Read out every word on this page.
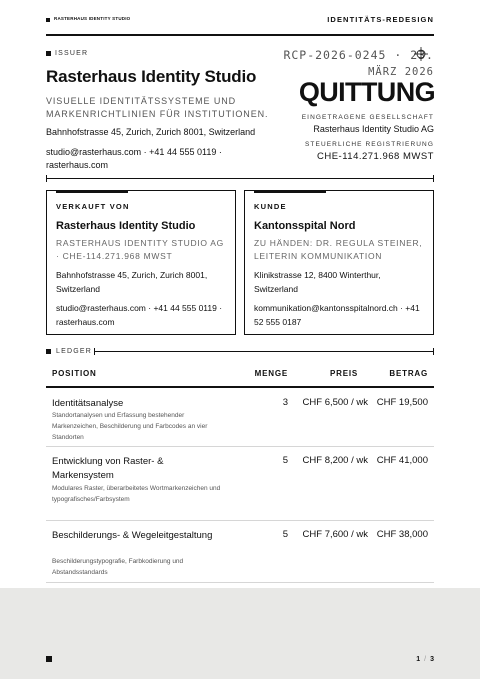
RASTERHAUS IDENTITY STUDIO	IDENTITÄTS-REDESIGN
ISSUER
Rasterhaus Identity Studio
VISUELLE IDENTITÄTSSYSTEME UND MARKENRICHTLINIEN FÜR INSTITUTIONEN.
Bahnhofstrasse 45, Zurich, Zurich 8001, Switzerland
studio@rasterhaus.com · +41 44 555 0119 · rasterhaus.com
RCP-2026-0245 · 23.
MÄRZ 2026
QUITTUNG
EINGETRAGENE GESELLSCHAFT
Rasterhaus Identity Studio AG
STEUERLICHE REGISTRIERUNG
CHE-114.271.968 MWST
VERKAUFT VON
Rasterhaus Identity Studio
RASTERHAUS IDENTITY STUDIO AG · CHE-114.271.968 MWST
Bahnhofstrasse 45, Zurich, Zurich 8001, Switzerland
studio@rasterhaus.com · +41 44 555 0119 · rasterhaus.com
KUNDE
Kantonsspital Nord
ZU HÄNDEN: DR. REGULA STEINER, LEITERIN KOMMUNIKATION
Klinikstrasse 12, 8400 Winterthur, Switzerland
kommunikation@kantonsspitalnord.ch · +41 52 555 0187
LEDGER
POSITION	MENGE	PREIS	BETRAG
Identitätsanalyse
Standortanalysen und Erfassung bestehender Markenzeichen, Beschilderung und Farbcodes an vier Standorten
3	CHF 6,500 / wk CHF 19,500
Entwicklung von Raster- & Markensystem
Modulares Raster, überarbeitetes Wortmarkenzeichen und typografisches/Farbsystem
5	CHF 8,200 / wk CHF 41,000
Beschilderungs- & Wegeleitgestaltung
Beschilderungstypografie, Farbkodierung und Abstandsstandards
5	CHF 7,600 / wk CHF 38,000
1 / 3
